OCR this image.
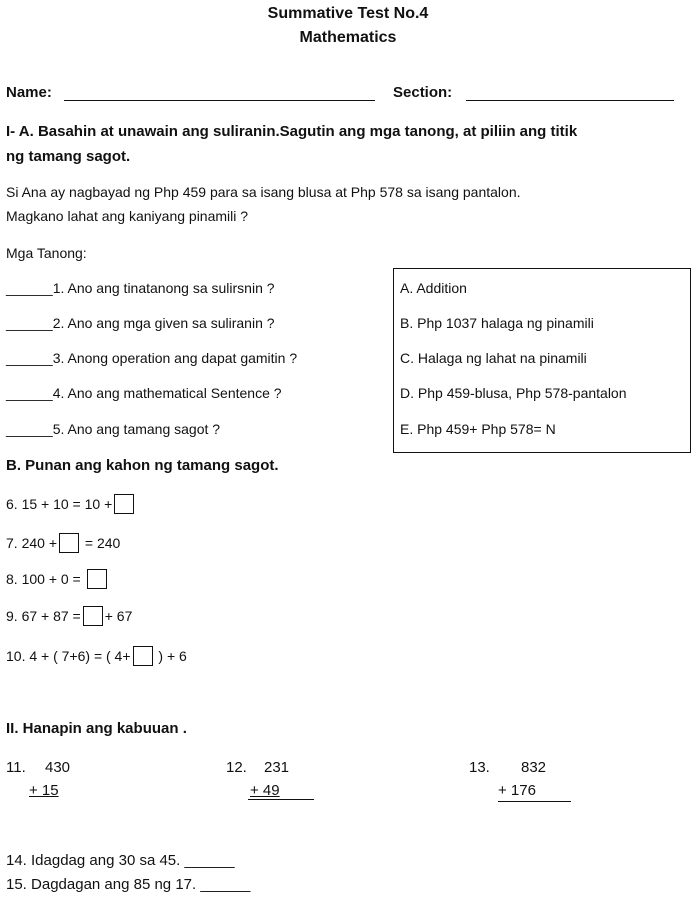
Summative Test No.4
Mathematics
Name:	Section:
I- A. Basahin at unawain ang suliranin.Sagutin ang mga tanong, at piliin ang titik
ng tamang sagot.
Si Ana ay nagbayad ng Php 459 para sa isang blusa at Php 578 sa isang pantalon.
Magkano lahat ang kaniyang pinamili ?
Mga Tanong:
______1. Ano ang tinatanong sa sulirsnin ?
______2. Ano ang mga given sa suliranin ?
______3. Anong operation ang dapat gamitin ?
______4. Ano ang mathematical Sentence ?
______5. Ano ang tamang sagot ?
A. Addition
B. Php 1037 halaga ng pinamili
C. Halaga ng lahat na pinamili
D. Php 459-blusa, Php 578-pantalon
E. Php 459+ Php 578= N
B. Punan ang kahon ng tamang sagot.
6. 15 + 10 = 10 +
7. 240 + = 240
8. 100 + 0 =
9. 67 + 87 = + 67
10. 4 + ( 7+6) = ( 4+ ) + 6
II. Hanapin ang kabuuan .
11. 430
+ 15
12. 231
+ 49
13. 832
+ 176
14. Idagdag ang 30 sa 45. ______
15. Dagdagan ang 85 ng 17. ______
